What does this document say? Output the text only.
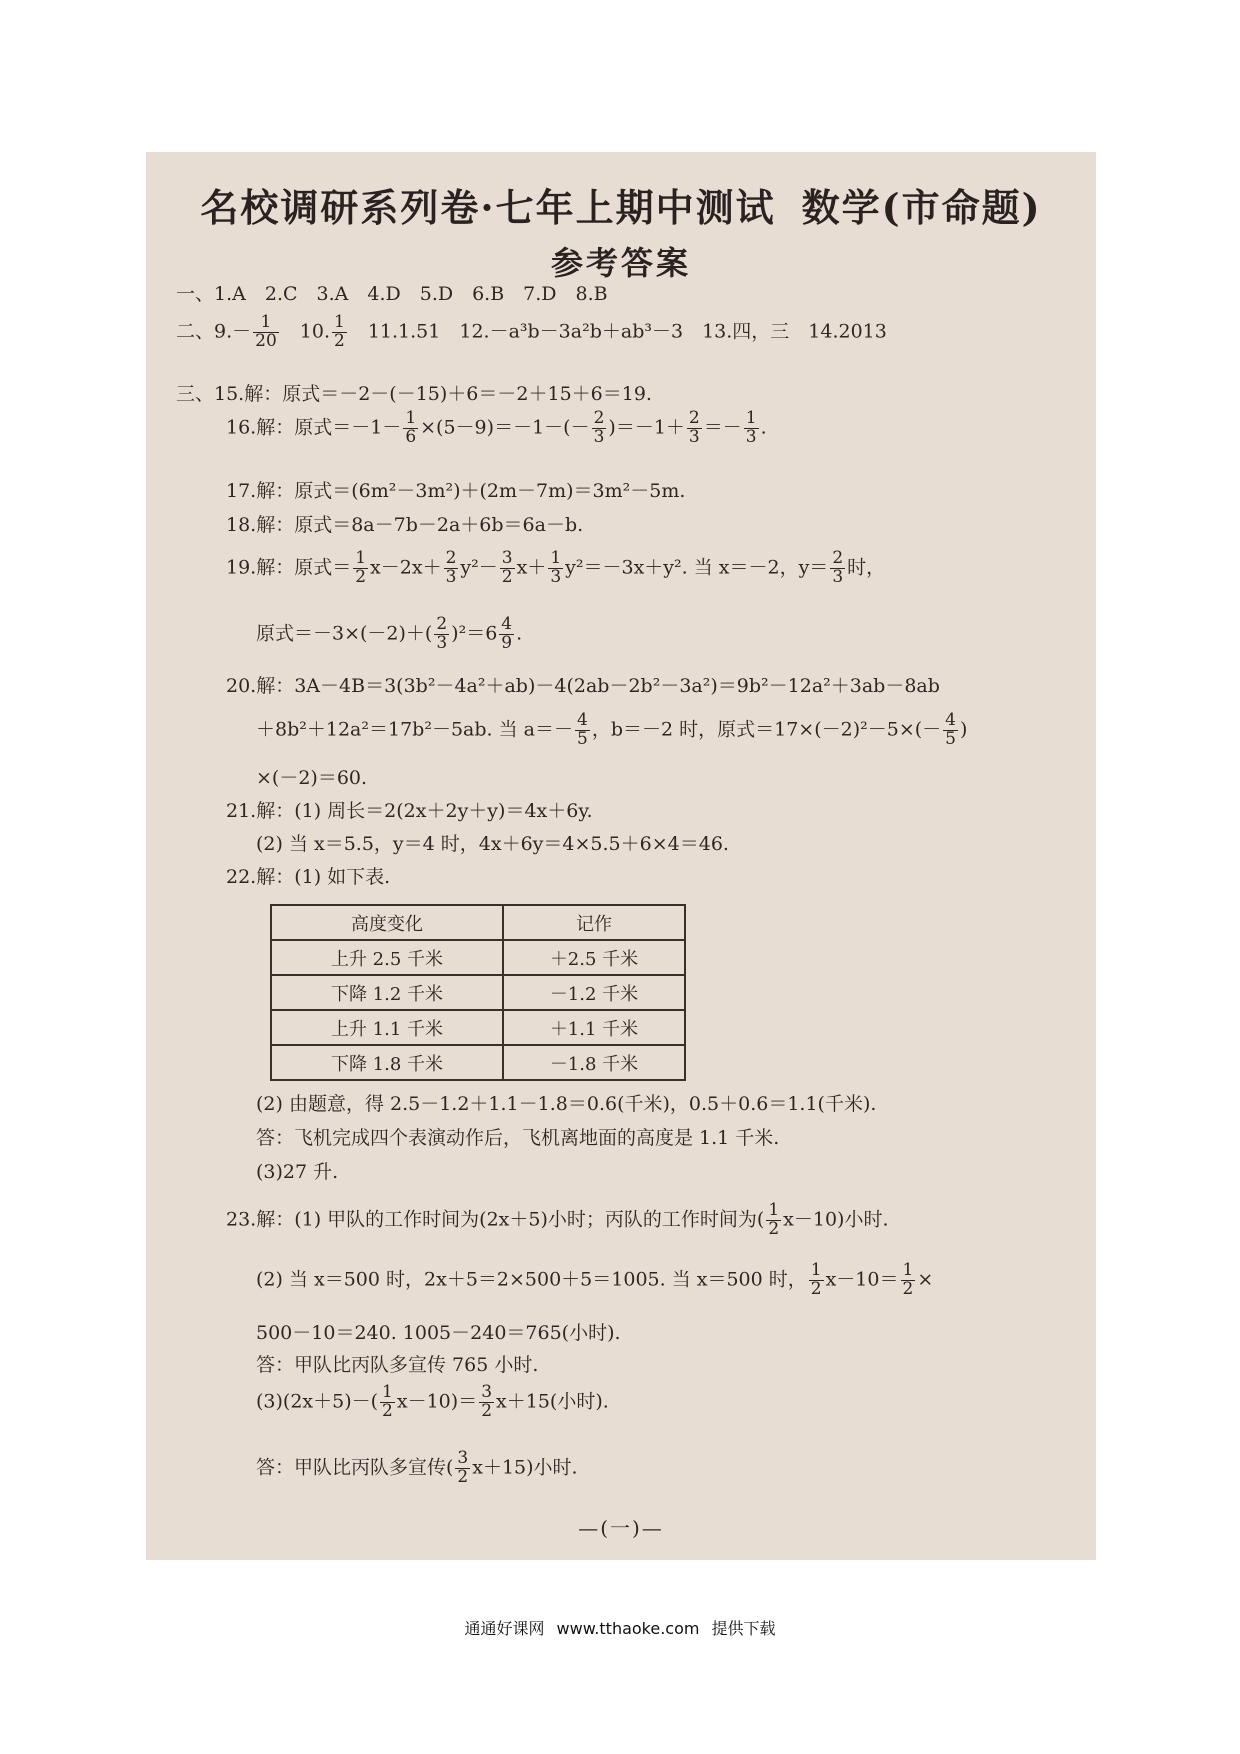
名校调研系列卷·七年上期中测试 数学(市命题)
参考答案
一、1.A　2.C　3.A　4.D　5.D　6.B　7.D　8.B
二、$9.- \frac{1}{20}$ 　10. $\frac{1}{2}$ 　11.1.51　12.－a³b－3a²b＋ab³－3　13.四，三　14.2013
三、15.解：原式＝－2－(－15)＋6＝－2＋15＋6＝19.
16.解：原式$=-1- \frac{1}{6} \times(5-9)=-1-(- \frac{2}{3} )=-1+ \frac{2}{3} =- \frac{1}{3}$ .
17.解：原式＝(6m²－3m²)＋(2m－7m)＝3m²－5m.
18.解：原式＝8a－7b－2a＋6b＝6a－b.
19.解：原式＝ $\frac{1}{2} x-2x+ \frac{2}{3} y^2- \frac{3}{2} x+ \frac{1}{3} y^2=-3x+y^2$. 当 x＝－2，$y= \frac{2}{3}$ 时，
原式$=-3\times(-2)+( \frac{2}{3} )^2=6 \frac{4}{9}$ .
20.解：3A－4B＝3(3b²－4a²＋ab)－4(2ab－2b²－3a²)＝9b²－12a²＋3ab－8ab
＋8b²＋12a²＝17b²－5ab. 当 $a=- \frac{4}{5}$ ，b＝－2 时，原式$=17\times(-2)^2-5\times(- \frac{4}{5}$ )
×(－2)＝60.
21.解：(1) 周长＝2(2x＋2y＋y)＝4x＋6y.
(2) 当 x＝5.5，y＝4 时，4x＋6y＝4×5.5＋6×4＝46.
22.解：(1) 如下表.
高度变化	记作
上升 2.5 千米	＋2.5 千米
下降 1.2 千米	－1.2 千米
上升 1.1 千米	＋1.1 千米
下降 1.8 千米	－1.8 千米
(2) 由题意，得 2.5－1.2＋1.1－1.8＝0.6(千米)，0.5＋0.6＝1.1(千米).
答：飞机完成四个表演动作后，飞机离地面的高度是 1.1 千米.
(3)27 升.
23.解：(1) 甲队的工作时间为(2x＋5)小时；丙队的工作时间为( $\frac{1}{2} x-10$)小时.
(2) 当 x＝500 时，2x＋5＝2×500＋5＝1005. 当 x＝500 时， $\frac{1}{2} x-10= \frac{1}{2}$ ×
500－10＝240. 1005－240＝765(小时).
答：甲队比丙队多宣传 765 小时.
$(3)(2x+5)-( \frac{1}{2} x-10)= \frac{3}{2} x+15$(小时).
答：甲队比丙队多宣传( $\frac{3}{2} x+15$)小时.
—(一)—
通通好课网 www.tthaoke.com 提供下载
